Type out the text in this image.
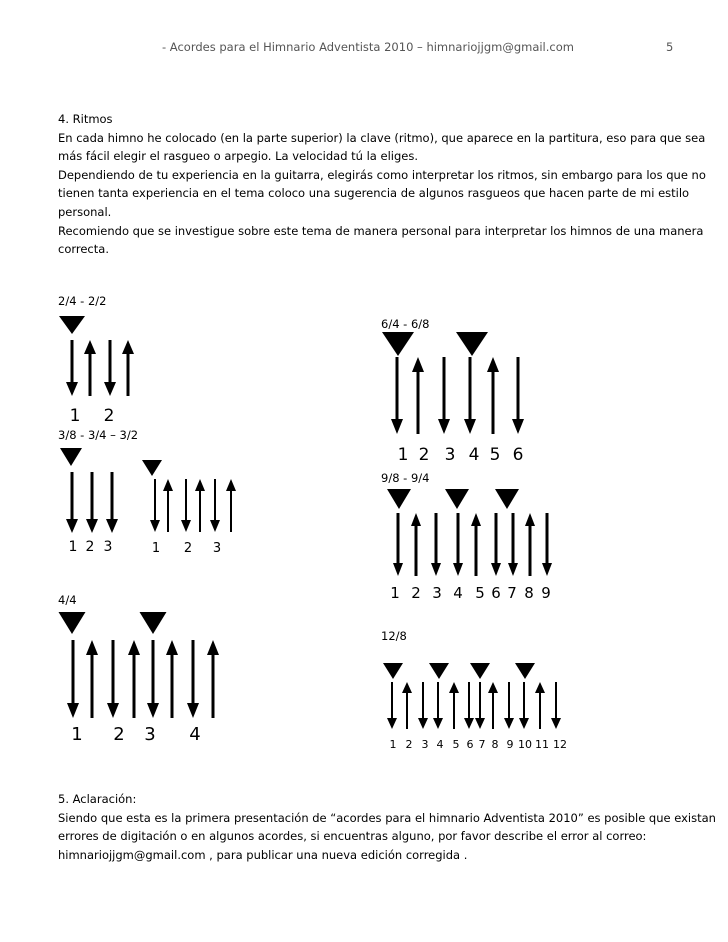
- Acordes para el Himnario Adventista 2010 – himnariojjgm@gmail.com	5
4. Ritmos
En cada himno he colocado (en la parte superior) la clave (ritmo), que aparece en la partitura, eso para que sea
más fácil elegir el rasgueo o arpegio. La velocidad tú la eliges.
Dependiendo de tu experiencia en la guitarra, elegirás como interpretar los ritmos, sin embargo para los que no
tienen tanta experiencia en el tema coloco una sugerencia de algunos rasgueos que hacen parte de mi estilo
personal.
Recomiendo que se investigue sobre este tema de manera personal para interpretar los himnos de una manera
correcta.
2/4 - 2/2
3/8 - 3/4 – 3/2
4/4
6/4 - 6/8
9/8 - 9/4
12/8
1 2
1 2 3	1 2 3
1 2 3 4
1 2 3 4 5 6
1 2 3 4 5 6 7 8 9
1 2 3 4 5 6 7 8 9 10 11 12
5. Aclaración:
Siendo que esta es la primera presentación de “acordes para el himnario Adventista 2010” es posible que existan
errores de digitación o en algunos acordes, si encuentras alguno, por favor describe el error al correo:
himnariojjgm@gmail.com , para publicar una nueva edición corregida .
